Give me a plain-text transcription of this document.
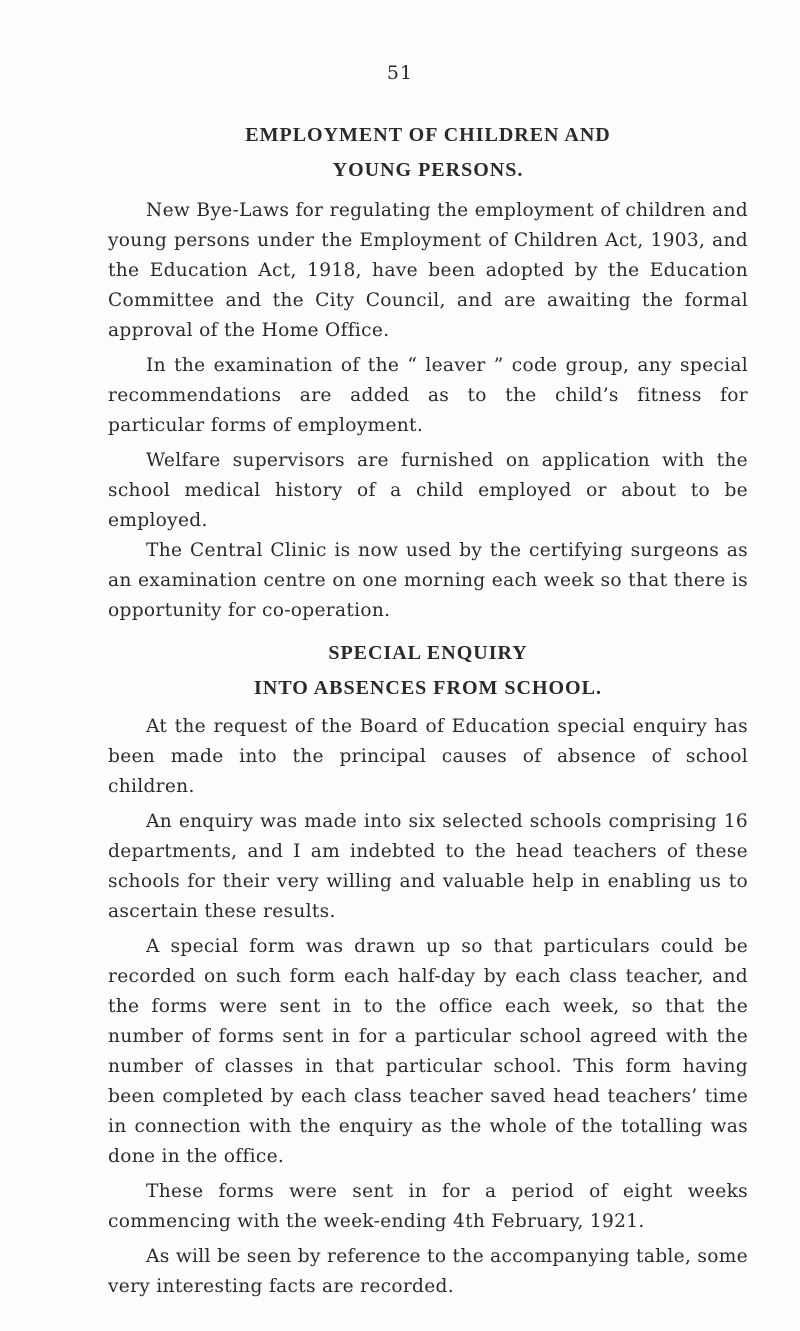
51
EMPLOYMENT OF CHILDREN AND
YOUNG PERSONS.

New Bye-Laws for regulating the employment of children and young persons under the Employment of Children Act, 1903, and the Education Act, 1918, have been adopted by the Education Committee and the City Council, and are awaiting the formal approval of the Home Office.

In the examination of the “ leaver ” code group, any special recommendations are added as to the child’s fitness for particular forms of employment.

Welfare supervisors are furnished on application with the school medical history of a child employed or about to be employed.

The Central Clinic is now used by the certifying surgeons as an examination centre on one morning each week so that there is opportunity for co-operation.

SPECIAL ENQUIRY
INTO ABSENCES FROM SCHOOL.

At the request of the Board of Education special enquiry has been made into the principal causes of absence of school children.

An enquiry was made into six selected schools comprising 16 departments, and I am indebted to the head teachers of these schools for their very willing and valuable help in enabling us to ascertain these results.

A special form was drawn up so that particulars could be recorded on such form each half-day by each class teacher, and the forms were sent in to the office each week, so that the number of forms sent in for a particular school agreed with the number of classes in that particular school. This form having been completed by each class teacher saved head teachers’ time in connection with the enquiry as the whole of the totalling was done in the office.

These forms were sent in for a period of eight weeks commencing with the week-ending 4th February, 1921.

As will be seen by reference to the accompanying table, some very interesting facts are recorded.
